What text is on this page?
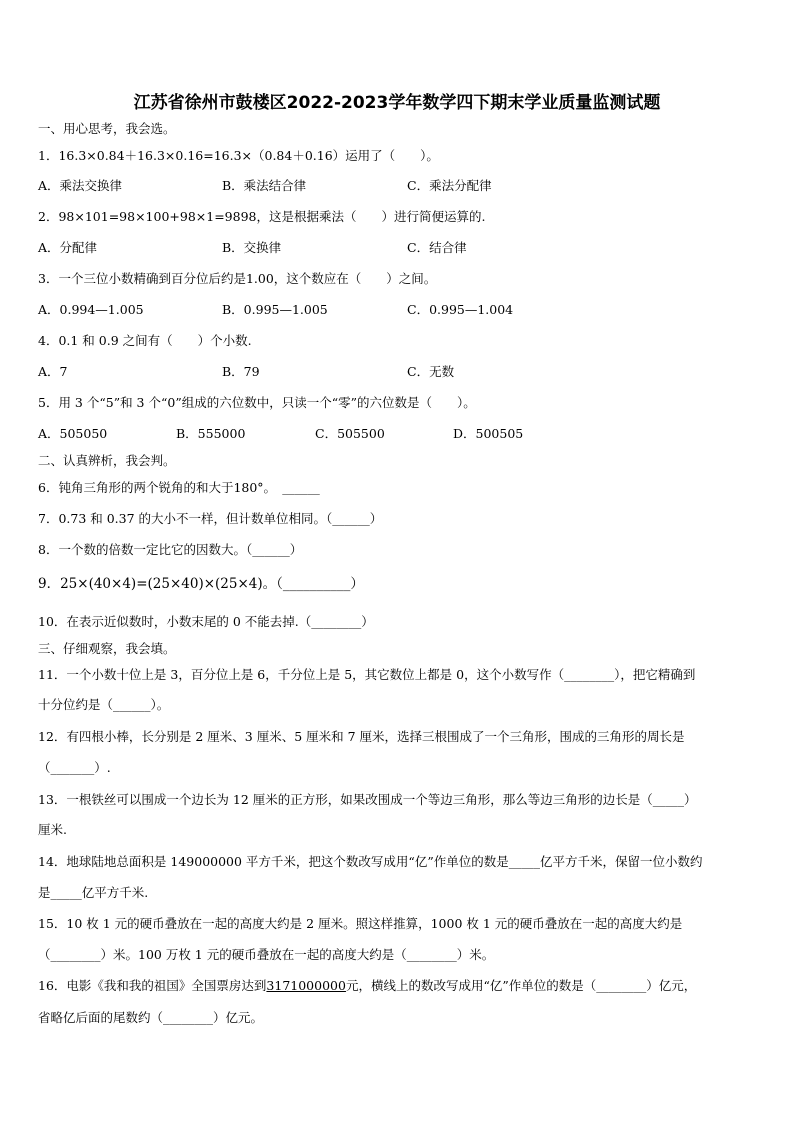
江苏省徐州市鼓楼区2022-2023学年数学四下期末学业质量监测试题
一、用心思考，我会选。
1．16.3×0.84＋16.3×0.16=16.3×（0.84＋0.16）运用了（　　）。
A．乘法交换律	B．乘法结合律	C．乘法分配律
2．98×101=98×100+98×1=9898，这是根据乘法（　　）进行简便运算的.
A．分配律	B．交换律	C．结合律
3．一个三位小数精确到百分位后约是1.00，这个数应在（　　）之间。
A．0.994—1.005	B．0.995—1.005	C．0.995—1.004
4．0.1 和 0.9 之间有（　　）个小数.
A．7	B．79	C．无数
5．用 3 个“5”和 3 个“0”组成的六位数中，只读一个“零”的六位数是（　　）。
A．505050	B．555000	C．505500	D．500505
二、认真辨析，我会判。
6．钝角三角形的两个锐角的和大于180°。　______
7．0.73 和 0.37 的大小不一样，但计数单位相同。（______）
8．一个数的倍数一定比它的因数大。（______）
9．25×(40×4)=(25×40)×(25×4)。（__________）
10．在表示近似数时，小数末尾的 0 不能去掉.（________）
三、仔细观察，我会填。
11．一个小数十位上是 3，百分位上是 6，千分位上是 5，其它数位上都是 0，这个小数写作（________），把它精确到
十分位约是（______）。
12．有四根小棒，长分别是 2 厘米、3 厘米、5 厘米和 7 厘米，选择三根围成了一个三角形，围成的三角形的周长是
（_______）.
13．一根铁丝可以围成一个边长为 12 厘米的正方形，如果改围成一个等边三角形，那么等边三角形的边长是（_____）
厘米.
14．地球陆地总面积是 149000000 平方千米，把这个数改写成用“亿”作单位的数是_____亿平方千米，保留一位小数约
是_____亿平方千米.
15．10 枚 1 元的硬币叠放在一起的高度大约是 2 厘米。照这样推算，1000 枚 1 元的硬币叠放在一起的高度大约是
（________）米。100 万枚 1 元的硬币叠放在一起的高度大约是（________）米。
16．电影《我和我的祖国》全国票房达到3171000000元，横线上的数改写成用“亿”作单位的数是（________）亿元，
省略亿后面的尾数约（________）亿元。
